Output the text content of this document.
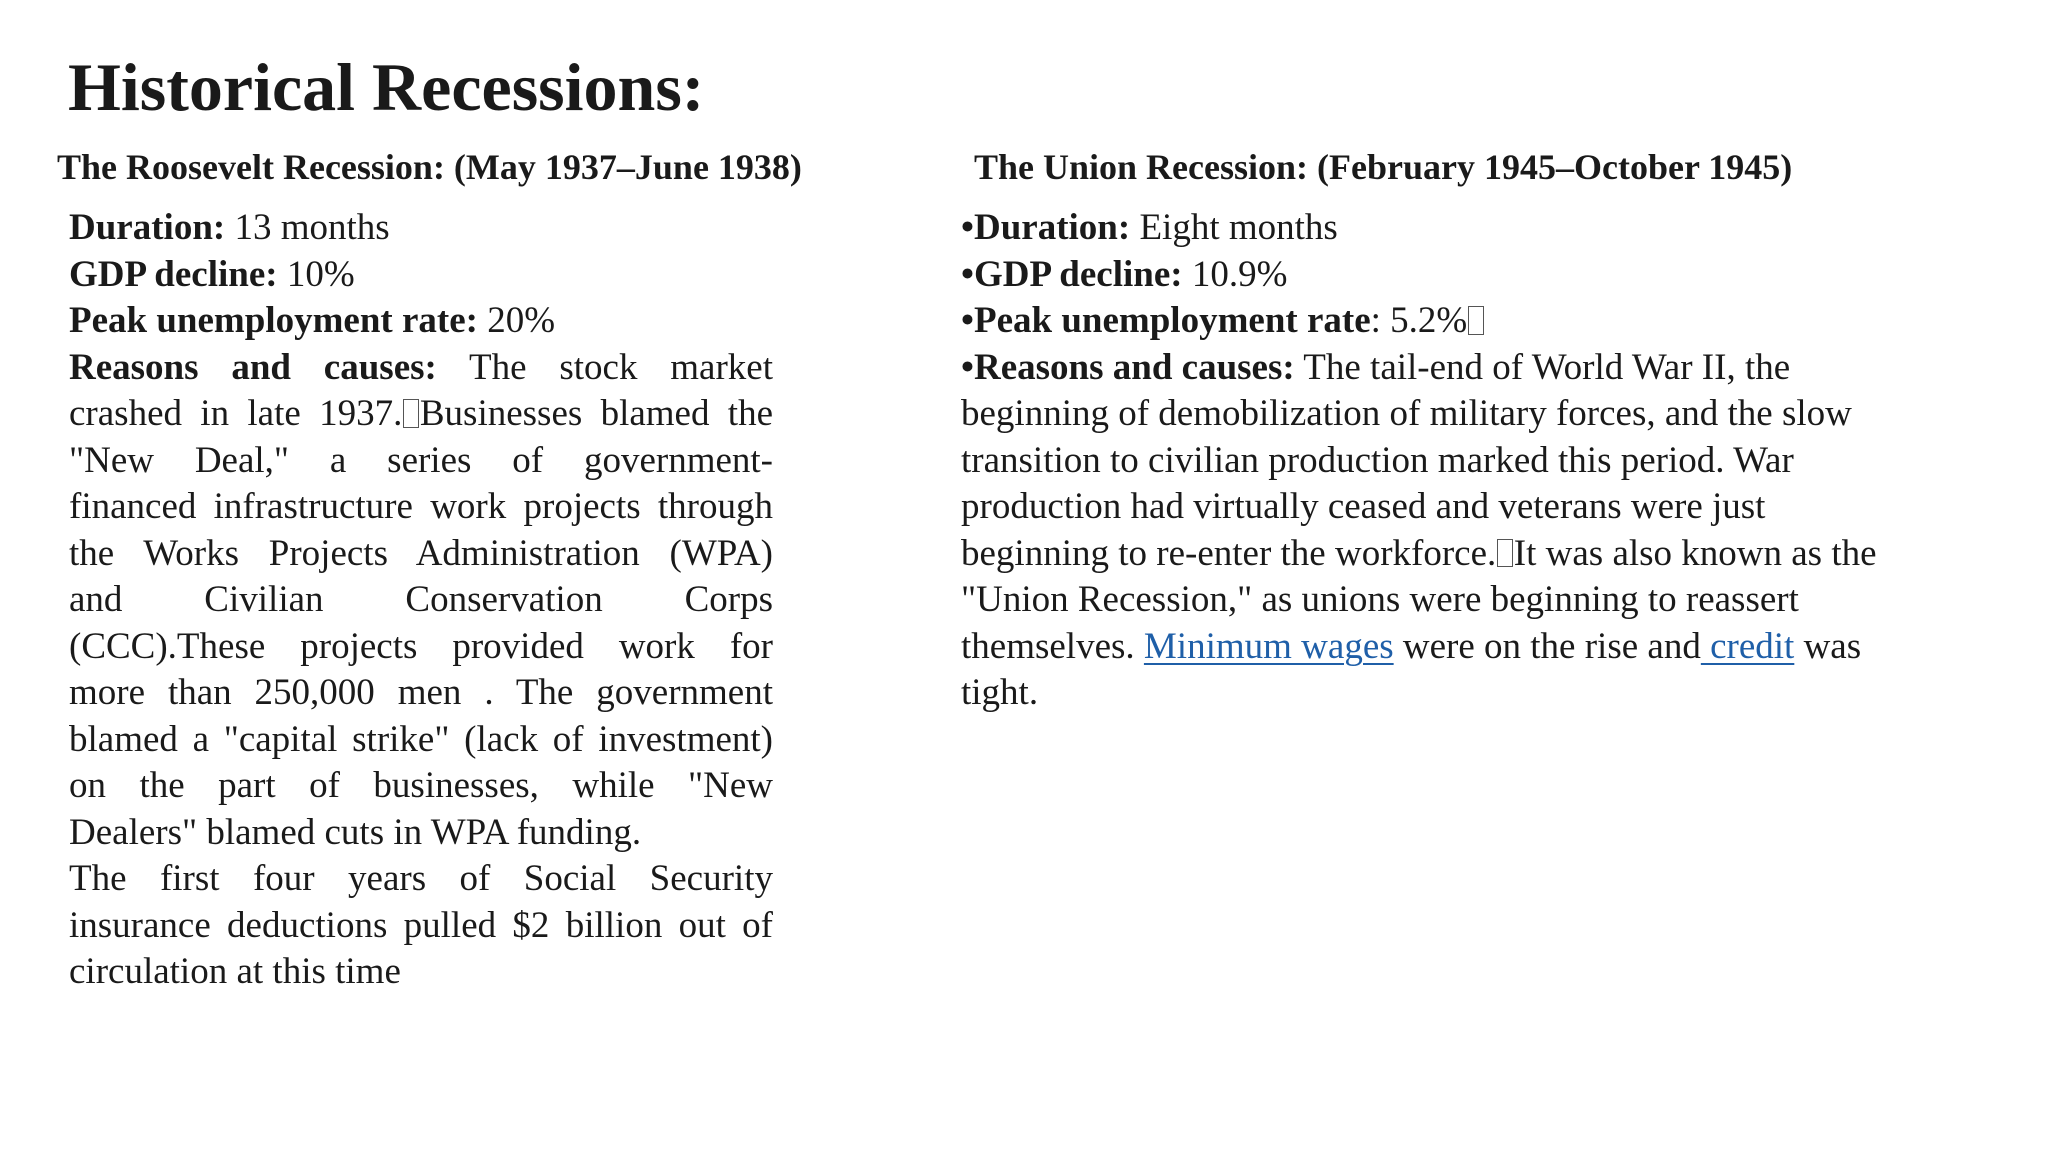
Historical Recessions:
The Roosevelt Recession: (May 1937–June 1938)	The Union Recession: (February 1945–October 1945)

Duration: 13 months

GDP decline: 10%

Peak unemployment rate: 20%

Reasons and causes: The stock market
crashed in late 1937. Businesses blamed the
"New Deal," a series of government-
financed infrastructure work projects through
the Works Projects Administration (WPA)
and Civilian Conservation Corps
(CCC).These projects provided work for
more than 250,000 men . The government
blamed a "capital strike" (lack of investment)
on the part of businesses, while "New
Dealers" blamed cuts in WPA funding.
The first four years of Social Security
insurance deductions pulled $2 billion out of
circulation at this time

•Duration: Eight months

•GDP decline: 10.9%

•Peak unemployment rate: 5.2%

•Reasons and causes: The tail-end of World War II, the
beginning of demobilization of military forces, and the slow
transition to civilian production marked this period. War
production had virtually ceased and veterans were just
beginning to re-enter the workforce. It was also known as the
"Union Recession," as unions were beginning to reassert
themselves. Minimum wages were on the rise and credit was
tight.
